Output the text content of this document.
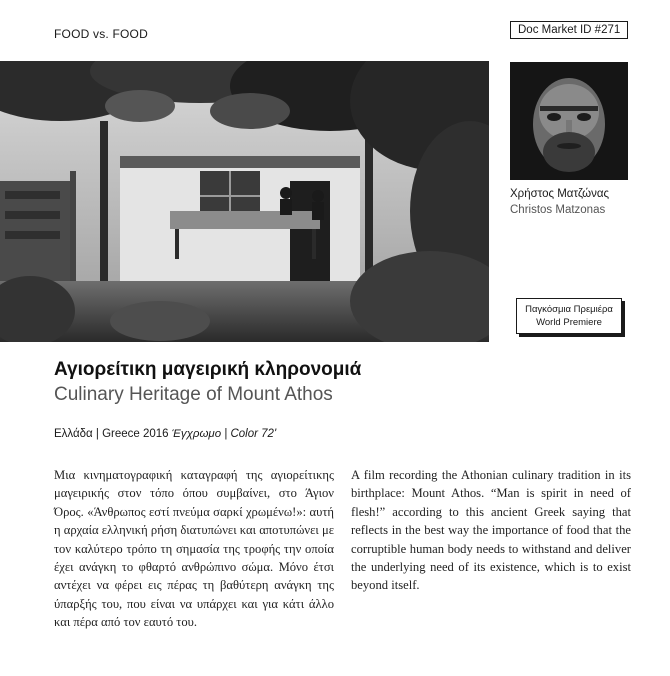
FOOD vs. FOOD	Doc Market ID #271
Χρήστος Ματζώνας
Christos Matzonas
Παγκόσμια Πρεμιέρα
World Premiere
Αγιορείτικη μαγειρική κληρονομιά
Culinary Heritage of Mount Athos
Ελλάδα | Greece 2016 Έγχρωμο | Color 72'
Μια κινηματογραφική καταγραφή της αγιορείτικης μαγειρικής στον τόπο όπου συμβαίνει, στο Άγιον Όρος. «Άνθρωπος εστί πνεύμα σαρκί χρωμένω!»: αυτή η αρχαία ελληνική ρήση διατυπώνει και αποτυπώνει με τον καλύτερο τρόπο τη σημασία της τροφής την οποία έχει ανάγκη το φθαρτό ανθρώπινο σώμα. Μόνο έτσι αντέχει να φέρει εις πέρας τη βαθύτερη ανάγκη της ύπαρξής του, που είναι να υπάρχει και για κάτι άλλο και πέρα από τον εαυτό του.
A film recording the Athonian culinary tradition in its birthplace: Mount Athos. “Man is spirit in need of flesh!” according to this ancient Greek saying that reflects in the best way the importance of food that the corruptible human body needs to withstand and deliver the underlying need of its existence, which is to exist beyond itself.
